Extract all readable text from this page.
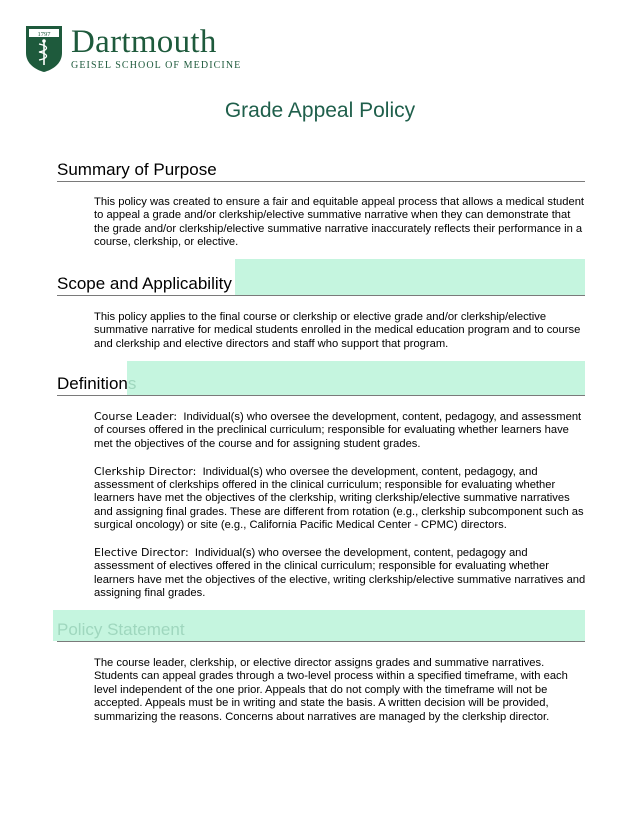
1797 Dartmouth
GEISEL SCHOOL OF MEDICINE
Grade Appeal Policy
Summary of Purpose

This policy was created to ensure a fair and equitable appeal process that allows a medical student to appeal a grade and/or clerkship/elective summative narrative when they can demonstrate that the grade and/or clerkship/elective summative narrative inaccurately reflects their performance in a course, clerkship, or elective.

Scope and Applicability

This policy applies to the final course or clerkship or elective grade and/or clerkship/elective summative narrative for medical students enrolled in the medical education program and to course and clerkship and elective directors and staff who support that program.

Definitions

Course Leader: Individual(s) who oversee the development, content, pedagogy, and assessment of courses offered in the preclinical curriculum; responsible for evaluating whether learners have met the objectives of the course and for assigning student grades.

Clerkship Director: Individual(s) who oversee the development, content, pedagogy, and assessment of clerkships offered in the clinical curriculum; responsible for evaluating whether learners have met the objectives of the clerkship, writing clerkship/elective summative narratives and assigning final grades. These are different from rotation (e.g., clerkship subcomponent such as surgical oncology) or site (e.g., California Pacific Medical Center - CPMC) directors.

Elective Director: Individual(s) who oversee the development, content, pedagogy and assessment of electives offered in the clinical curriculum; responsible for evaluating whether learners have met the objectives of the elective, writing clerkship/elective summative narratives and assigning final grades.

Policy Statement

The course leader, clerkship, or elective director assigns grades and summative narratives. Students can appeal grades through a two-level process within a specified timeframe, with each level independent of the one prior. Appeals that do not comply with the timeframe will not be accepted. Appeals must be in writing and state the basis. A written decision will be provided, summarizing the reasons. Concerns about narratives are managed by the clerkship director.
